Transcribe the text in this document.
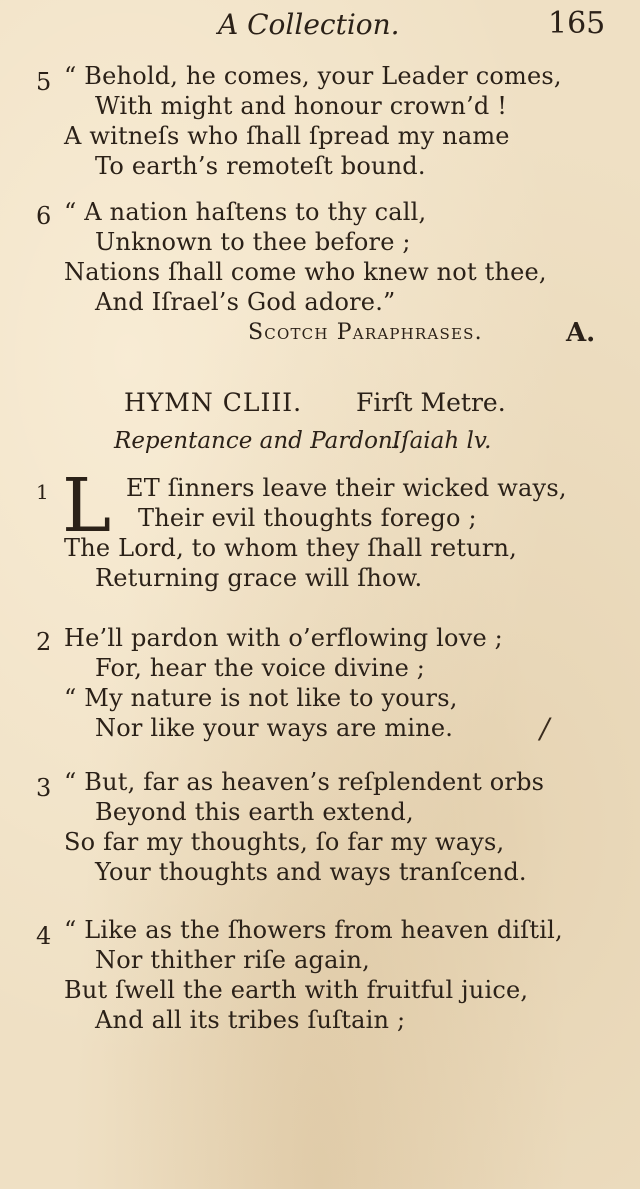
A Collection.	165
5 “ Behold, he comes, your Leader comes,
With might and honour crown’d !
A witneſs who ſhall ſpread my name
To earth’s remoteſt bound.
6 “ A nation haſtens to thy call,
Unknown to thee before ;
Nations ſhall come who knew not thee,
And Iſrael’s God adore.”
Scotch Paraphrases.	A.
HYMN CLIII. Firſt Metre.
Repentance and Pardon.
Iſaiah lv.
1 L ET ſinners leave their wicked ways,
Their evil thoughts forego ;
The Lord, to whom they ſhall return,
Returning grace will ſhow.
2 He’ll pardon with o’erflowing love ;
For, hear the voice divine ;
“ My nature is not like to yours,
Nor like your ways are mine.	/
3 “ But, far as heaven’s reſplendent orbs
Beyond this earth extend,
So far my thoughts, ſo far my ways,
Your thoughts and ways tranſcend.
4 “ Like as the ſhowers from heaven diſtil,
Nor thither riſe again,
But ſwell the earth with fruitful juice,
And all its tribes ſuſtain ;
